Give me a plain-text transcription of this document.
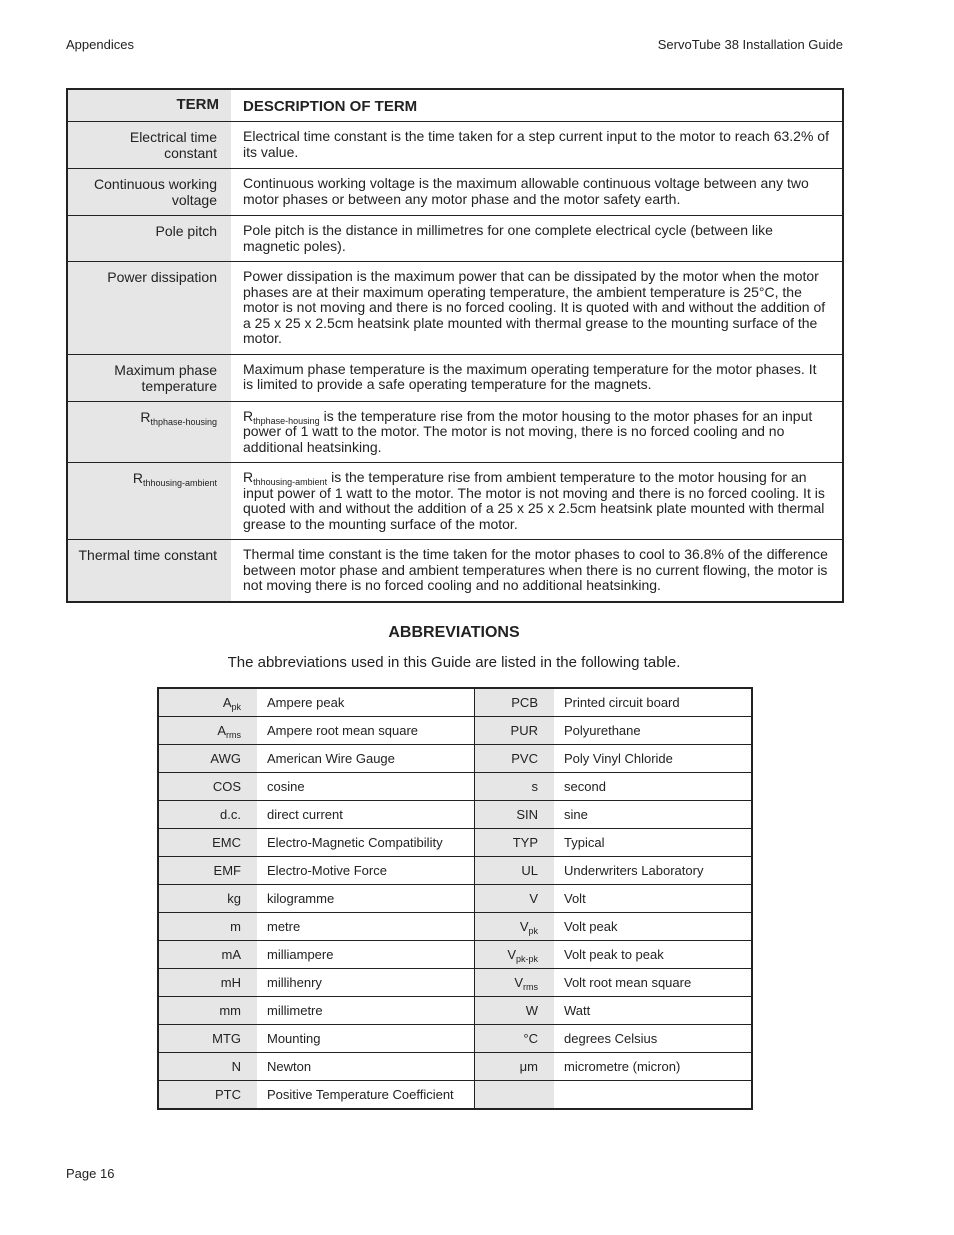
Appendices	ServoTube 38 Installation Guide
TERM	DESCRIPTION OF TERM
Electrical time constant	Electrical time constant is the time taken for a step current input to the motor to reach 63.2% of its value.
Continuous working voltage	Continuous working voltage is the maximum allowable continuous voltage between any two motor phases or between any motor phase and the motor safety earth.
Pole pitch	Pole pitch is the distance in millimetres for one complete electrical cycle (between like magnetic poles).
Power dissipation	Power dissipation is the maximum power that can be dissipated by the motor when the motor phases are at their maximum operating temperature, the ambient temperature is 25°C, the motor is not moving and there is no forced cooling. It is quoted with and without the addition of a 25 x 25 x 2.5cm heatsink plate mounted with thermal grease to the mounting surface of the motor.
Maximum phase temperature	Maximum phase temperature is the maximum operating temperature for the motor phases. It is limited to provide a safe operating temperature for the magnets.
$R_{thphase-housing}$	$R_{thphase-housing}$ is the temperature rise from the motor housing to the motor phases for an input power of 1 watt to the motor. The motor is not moving, there is no forced cooling and no additional heatsinking.
$R_{thhousing-ambient}$	$R_{thhousing-ambient}$ is the temperature rise from ambient temperature to the motor housing for an input power of 1 watt to the motor. The motor is not moving and there is no forced cooling. It is quoted with and without the addition of a 25 x 25 x 2.5cm heatsink plate mounted with thermal grease to the mounting surface of the motor.
Thermal time constant	Thermal time constant is the time taken for the motor phases to cool to 36.8% of the difference between motor phase and ambient temperatures when there is no current flowing, the motor is not moving there is no forced cooling and no additional heatsinking.
ABBREVIATIONS
The abbreviations used in this Guide are listed in the following table.
$A_{pk}$	Ampere peak	PCB	Printed circuit board
$A_{rms}$	Ampere root mean square	PUR	Polyurethane
AWG	American Wire Gauge	PVC	Poly Vinyl Chloride
COS	cosine	s	second
d.c.	direct current	SIN	sine
EMC	Electro-Magnetic Compatibility	TYP	Typical
EMF	Electro-Motive Force	UL	Underwriters Laboratory
kg	kilogramme	V	Volt
m	metre	$V_{pk}$	Volt peak
mA	milliampere	$V_{pk-pk}$	Volt peak to peak
mH	millihenry	$V_{rms}$	Volt root mean square
mm	millimetre	W	Watt
MTG	Mounting	°C	degrees Celsius
N	Newton	μm	micrometre (micron)
PTC	Positive Temperature Coefficient		
Page 16
